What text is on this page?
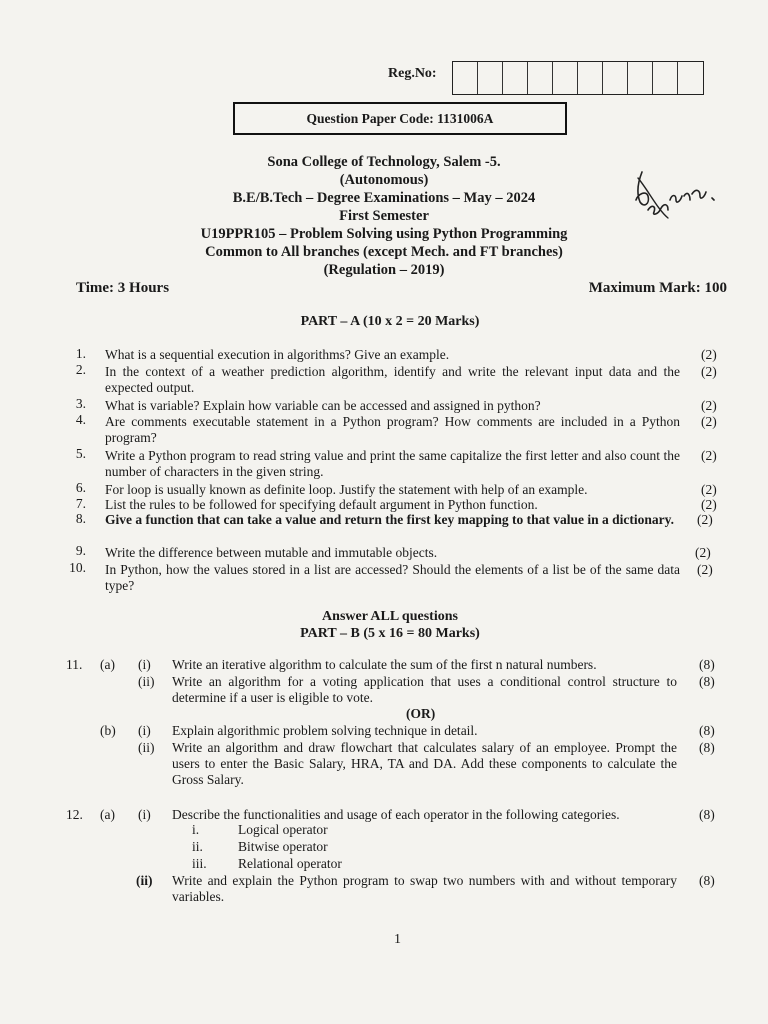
Reg.No:
Question Paper Code: 1131006A
Sona College of Technology, Salem -5.
(Autonomous)
B.E/B.Tech – Degree Examinations – May – 2024
First Semester
U19PPR105 – Problem Solving using Python Programming
Common to All branches (except Mech. and FT branches)
(Regulation – 2019)
Time: 3 Hours	Maximum Mark: 100
PART – A (10 x 2 = 20 Marks)
1. What is a sequential execution in algorithms? Give an example.	(2)
2. In the context of a weather prediction algorithm, identify and write the relevant input data and the expected output.
(2)
3. What is variable? Explain how variable can be accessed and assigned in python?	(2)
4. Are comments executable statement in a Python program? How comments are included in a Python program?
(2)
5. Write a Python program to read string value and print the same capitalize the first letter and also count the number of characters in the given string.
(2)
6. For loop is usually known as definite loop. Justify the statement with help of an example.	(2)
7. List the rules to be followed for specifying default argument in Python function.	(2)
8. Give a function that can take a value and return the first key mapping to that value in a dictionary.	(2)
9. Write the difference between mutable and immutable objects.	(2)
10. In Python, how the values stored in a list are accessed? Should the elements of a list be of the same data type?
(2)
Answer ALL questions
PART – B (5 x 16 = 80 Marks)
11. (a) (i) Write an iterative algorithm to calculate the sum of the first n natural numbers.	(8)
(ii) Write an algorithm for a voting application that uses a conditional control structure to determine if a user is eligible to vote.
(8)
(OR)
(b) (i) Explain algorithmic problem solving technique in detail.	(8)
(ii) Write an algorithm and draw flowchart that calculates salary of an employee. Prompt the users to enter the Basic Salary, HRA, TA and DA. Add these components to calculate the Gross Salary.
(8)
12. (a) (i) Describe the functionalities and usage of each operator in the following categories.	(8)
i.	Logical operator
ii.	Bitwise operator
iii. Relational operator
(ii) Write and explain the Python program to swap two numbers with and without temporary variables.
(8)
1
